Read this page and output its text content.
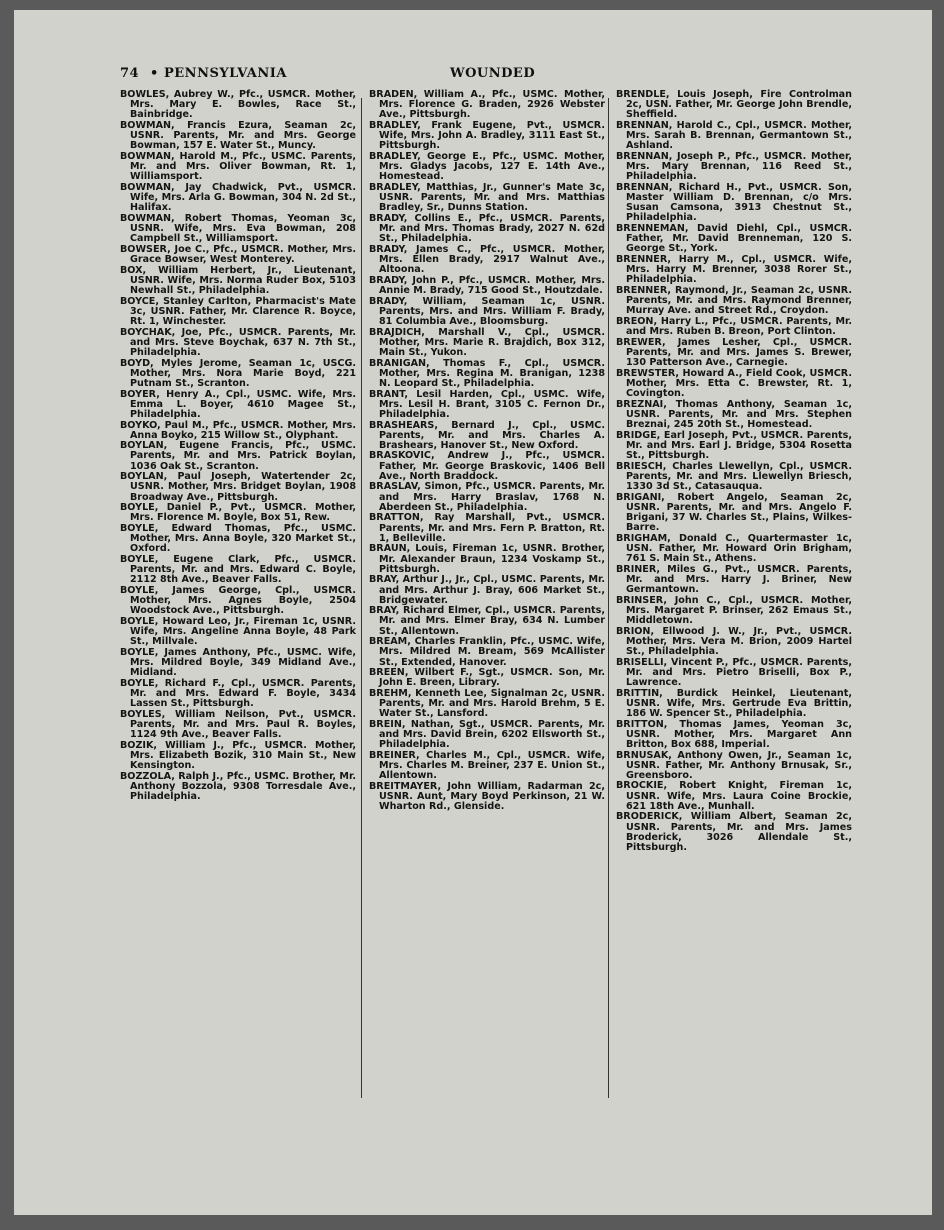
74 • PENNSYLVANIA	WOUNDED
BOWLES, Aubrey W., Pfc., USMCR. Mother, Mrs. Mary E. Bowles, Race St., Bainbridge.
BOWMAN, Francis Ezura, Seaman 2c, USNR. Parents, Mr. and Mrs. George Bowman, 157 E. Water St., Muncy.
BOWMAN, Harold M., Pfc., USMC. Parents, Mr. and Mrs. Oliver Bowman, Rt. 1, Williamsport.
BOWMAN, Jay Chadwick, Pvt., USMCR. Wife, Mrs. Arla G. Bowman, 304 N. 2d St., Halifax.
BOWMAN, Robert Thomas, Yeoman 3c, USNR. Wife, Mrs. Eva Bowman, 208 Campbell St., Williamsport.
BOWSER, Joe C., Pfc., USMCR. Mother, Mrs. Grace Bowser, West Monterey.
BOX, William Herbert, Jr., Lieutenant, USNR. Wife, Mrs. Norma Ruder Box, 5103 Newhall St., Philadelphia.
BOYCE, Stanley Carlton, Pharmacist's Mate 3c, USNR. Father, Mr. Clarence R. Boyce, Rt. 1, Winchester.
BOYCHAK, Joe, Pfc., USMCR. Parents, Mr. and Mrs. Steve Boychak, 637 N. 7th St., Philadelphia.
BOYD, Myles Jerome, Seaman 1c, USCG. Mother, Mrs. Nora Marie Boyd, 221 Putnam St., Scranton.
BOYER, Henry A., Cpl., USMC. Wife, Mrs. Emma L. Boyer, 4610 Magee St., Philadelphia.
BOYKO, Paul M., Pfc., USMCR. Mother, Mrs. Anna Boyko, 215 Willow St., Olyphant.
BOYLAN, Eugene Francis, Pfc., USMC. Parents, Mr. and Mrs. Patrick Boylan, 1036 Oak St., Scranton.
BOYLAN, Paul Joseph, Watertender 2c, USNR. Mother, Mrs. Bridget Boylan, 1908 Broadway Ave., Pittsburgh.
BOYLE, Daniel P., Pvt., USMCR. Mother, Mrs. Florence M. Boyle, Box 51, Rew.
BOYLE, Edward Thomas, Pfc., USMC. Mother, Mrs. Anna Boyle, 320 Market St., Oxford.
BOYLE, Eugene Clark, Pfc., USMCR. Parents, Mr. and Mrs. Edward C. Boyle, 2112 8th Ave., Beaver Falls.
BOYLE, James George, Cpl., USMCR. Mother, Mrs. Agnes Boyle, 2504 Woodstock Ave., Pittsburgh.
BOYLE, Howard Leo, Jr., Fireman 1c, USNR. Wife, Mrs. Angeline Anna Boyle, 48 Park St., Millvale.
BOYLE, James Anthony, Pfc., USMC. Wife, Mrs. Mildred Boyle, 349 Midland Ave., Midland.
BOYLE, Richard F., Cpl., USMCR. Parents, Mr. and Mrs. Edward F. Boyle, 3434 Lassen St., Pittsburgh.
BOYLES, William Neilson, Pvt., USMCR. Parents, Mr. and Mrs. Paul R. Boyles, 1124 9th Ave., Beaver Falls.
BOZIK, William J., Pfc., USMCR. Mother, Mrs. Elizabeth Bozik, 310 Main St., New Kensington.
BOZZOLA, Ralph J., Pfc., USMC. Brother, Mr. Anthony Bozzola, 9308 Torresdale Ave., Philadelphia.
BRADEN, William A., Pfc., USMC. Mother, Mrs. Florence G. Braden, 2926 Webster Ave., Pittsburgh.
BRADLEY, Frank Eugene, Pvt., USMCR. Wife, Mrs. John A. Bradley, 3111 East St., Pittsburgh.
BRADLEY, George E., Pfc., USMC. Mother, Mrs. Gladys Jacobs, 127 E. 14th Ave., Homestead.
BRADLEY, Matthias, Jr., Gunner's Mate 3c, USNR. Parents, Mr. and Mrs. Matthias Bradley, Sr., Dunns Station.
BRADY, Collins E., Pfc., USMCR. Parents, Mr. and Mrs. Thomas Brady, 2027 N. 62d St., Philadelphia.
BRADY, James C., Pfc., USMCR. Mother, Mrs. Ellen Brady, 2917 Walnut Ave., Altoona.
BRADY, John P., Pfc., USMCR. Mother, Mrs. Annie M. Brady, 715 Good St., Houtzdale.
BRADY, William, Seaman 1c, USNR. Parents, Mrs. and Mrs. William F. Brady, 81 Columbia Ave., Bloomsburg.
BRAJDICH, Marshall V., Cpl., USMCR. Mother, Mrs. Marie R. Brajdich, Box 312, Main St., Yukon.
BRANIGAN, Thomas F., Cpl., USMCR. Mother, Mrs. Regina M. Branigan, 1238 N. Leopard St., Philadelphia.
BRANT, Lesil Harden, Cpl., USMC. Wife, Mrs. Lesil H. Brant, 3105 C. Fernon Dr., Philadelphia.
BRASHEARS, Bernard J., Cpl., USMC. Parents, Mr. and Mrs. Charles A. Brashears, Hanover St., New Oxford.
BRASKOVIC, Andrew J., Pfc., USMCR. Father, Mr. George Braskovic, 1406 Bell Ave., North Braddock.
BRASLAV, Simon, Pfc., USMCR. Parents, Mr. and Mrs. Harry Braslav, 1768 N. Aberdeen St., Philadelphia.
BRATTON, Ray Marshall, Pvt., USMCR. Parents, Mr. and Mrs. Fern P. Bratton, Rt. 1, Belleville.
BRAUN, Louis, Fireman 1c, USNR. Brother, Mr. Alexander Braun, 1234 Voskamp St., Pittsburgh.
BRAY, Arthur J., Jr., Cpl., USMC. Parents, Mr. and Mrs. Arthur J. Bray, 606 Market St., Bridgewater.
BRAY, Richard Elmer, Cpl., USMCR. Parents, Mr. and Mrs. Elmer Bray, 634 N. Lumber St., Allentown.
BREAM, Charles Franklin, Pfc., USMC. Wife, Mrs. Mildred M. Bream, 569 McAllister St., Extended, Hanover.
BREEN, Wilbert F., Sgt., USMCR. Son, Mr. John E. Breen, Library.
BREHM, Kenneth Lee, Signalman 2c, USNR. Parents, Mr. and Mrs. Harold Brehm, 5 E. Water St., Lansford.
BREIN, Nathan, Sgt., USMCR. Parents, Mr. and Mrs. David Brein, 6202 Ellsworth St., Philadelphia.
BREINER, Charles M., Cpl., USMCR. Wife, Mrs. Charles M. Breiner, 237 E. Union St., Allentown.
BREITMAYER, John William, Radarman 2c, USNR. Aunt, Mary Boyd Perkinson, 21 W. Wharton Rd., Glenside.
BRENDLE, Louis Joseph, Fire Controlman 2c, USN. Father, Mr. George John Brendle, Sheffield.
BRENNAN, Harold C., Cpl., USMCR. Mother, Mrs. Sarah B. Brennan, Germantown St., Ashland.
BRENNAN, Joseph P., Pfc., USMCR. Mother, Mrs. Mary Brennan, 116 Reed St., Philadelphia.
BRENNAN, Richard H., Pvt., USMCR. Son, Master William D. Brennan, c/o Mrs. Susan Camsona, 3913 Chestnut St., Philadelphia.
BRENNEMAN, David Diehl, Cpl., USMCR. Father, Mr. David Brenneman, 120 S. George St., York.
BRENNER, Harry M., Cpl., USMCR. Wife, Mrs. Harry M. Brenner, 3038 Rorer St., Philadelphia.
BRENNER, Raymond, Jr., Seaman 2c, USNR. Parents, Mr. and Mrs. Raymond Brenner, Murray Ave. and Street Rd., Croydon.
BREON, Harry L., Pfc., USMCR. Parents, Mr. and Mrs. Ruben B. Breon, Port Clinton.
BREWER, James Lesher, Cpl., USMCR. Parents, Mr. and Mrs. James S. Brewer, 130 Patterson Ave., Carnegie.
BREWSTER, Howard A., Field Cook, USMCR. Mother, Mrs. Etta C. Brewster, Rt. 1, Covington.
BREZNAI, Thomas Anthony, Seaman 1c, USNR. Parents, Mr. and Mrs. Stephen Breznai, 245 20th St., Homestead.
BRIDGE, Earl Joseph, Pvt., USMCR. Parents, Mr. and Mrs. Earl J. Bridge, 5304 Rosetta St., Pittsburgh.
BRIESCH, Charles Llewellyn, Cpl., USMCR. Parents, Mr. and Mrs. Llewellyn Briesch, 1330 3d St., Catasauqua.
BRIGANI, Robert Angelo, Seaman 2c, USNR. Parents, Mr. and Mrs. Angelo F. Brigani, 37 W. Charles St., Plains, Wilkes-Barre.
BRIGHAM, Donald C., Quartermaster 1c, USN. Father, Mr. Howard Orin Brigham, 761 S. Main St., Athens.
BRINER, Miles G., Pvt., USMCR. Parents, Mr. and Mrs. Harry J. Briner, New Germantown.
BRINSER, John C., Cpl., USMCR. Mother, Mrs. Margaret P. Brinser, 262 Emaus St., Middletown.
BRION, Ellwood J. W., Jr., Pvt., USMCR. Mother, Mrs. Vera M. Brion, 2009 Hartel St., Philadelphia.
BRISELLI, Vincent P., Pfc., USMCR. Parents, Mr. and Mrs. Pietro Briselli, Box P., Lawrence.
BRITTIN, Burdick Heinkel, Lieutenant, USNR. Wife, Mrs. Gertrude Eva Brittin, 186 W. Spencer St., Philadelphia.
BRITTON, Thomas James, Yeoman 3c, USNR. Mother, Mrs. Margaret Ann Britton, Box 688, Imperial.
BRNUSAK, Anthony Owen, Jr., Seaman 1c, USNR. Father, Mr. Anthony Brnusak, Sr., Greensboro.
BROCKIE, Robert Knight, Fireman 1c, USNR. Wife, Mrs. Laura Coine Brockie, 621 18th Ave., Munhall.
BRODERICK, William Albert, Seaman 2c, USNR. Parents, Mr. and Mrs. James Broderick, 3026 Allendale St., Pittsburgh.
